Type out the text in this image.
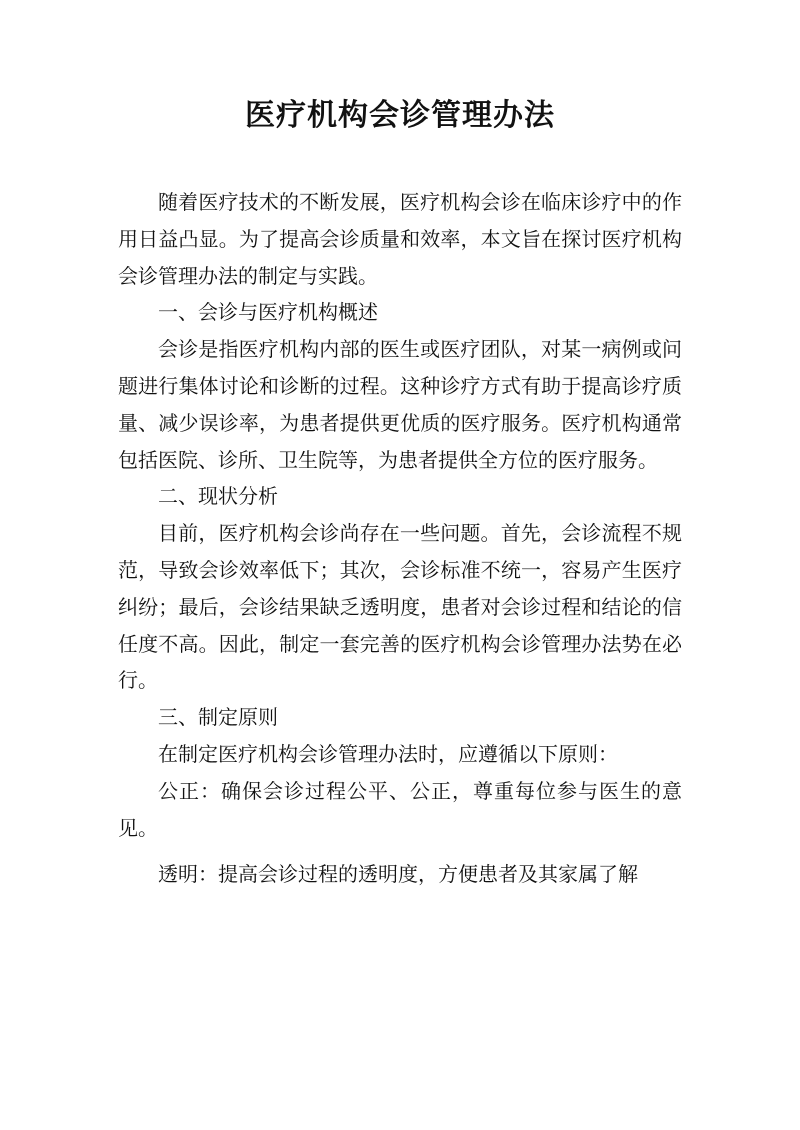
医疗机构会诊管理办法

随着医疗技术的不断发展，医疗机构会诊在临床诊疗中的作用日益凸显。为了提高会诊质量和效率，本文旨在探讨医疗机构会诊管理办法的制定与实践。

一、会诊与医疗机构概述

会诊是指医疗机构内部的医生或医疗团队，对某一病例或问题进行集体讨论和诊断的过程。这种诊疗方式有助于提高诊疗质量、减少误诊率，为患者提供更优质的医疗服务。医疗机构通常包括医院、诊所、卫生院等，为患者提供全方位的医疗服务。

二、现状分析

目前，医疗机构会诊尚存在一些问题。首先，会诊流程不规范，导致会诊效率低下；其次，会诊标准不统一，容易产生医疗纠纷；最后，会诊结果缺乏透明度，患者对会诊过程和结论的信任度不高。因此，制定一套完善的医疗机构会诊管理办法势在必行。

三、制定原则

在制定医疗机构会诊管理办法时，应遵循以下原则：

公正：确保会诊过程公平、公正，尊重每位参与医生的意见。

透明：提高会诊过程的透明度，方便患者及其家属了解
